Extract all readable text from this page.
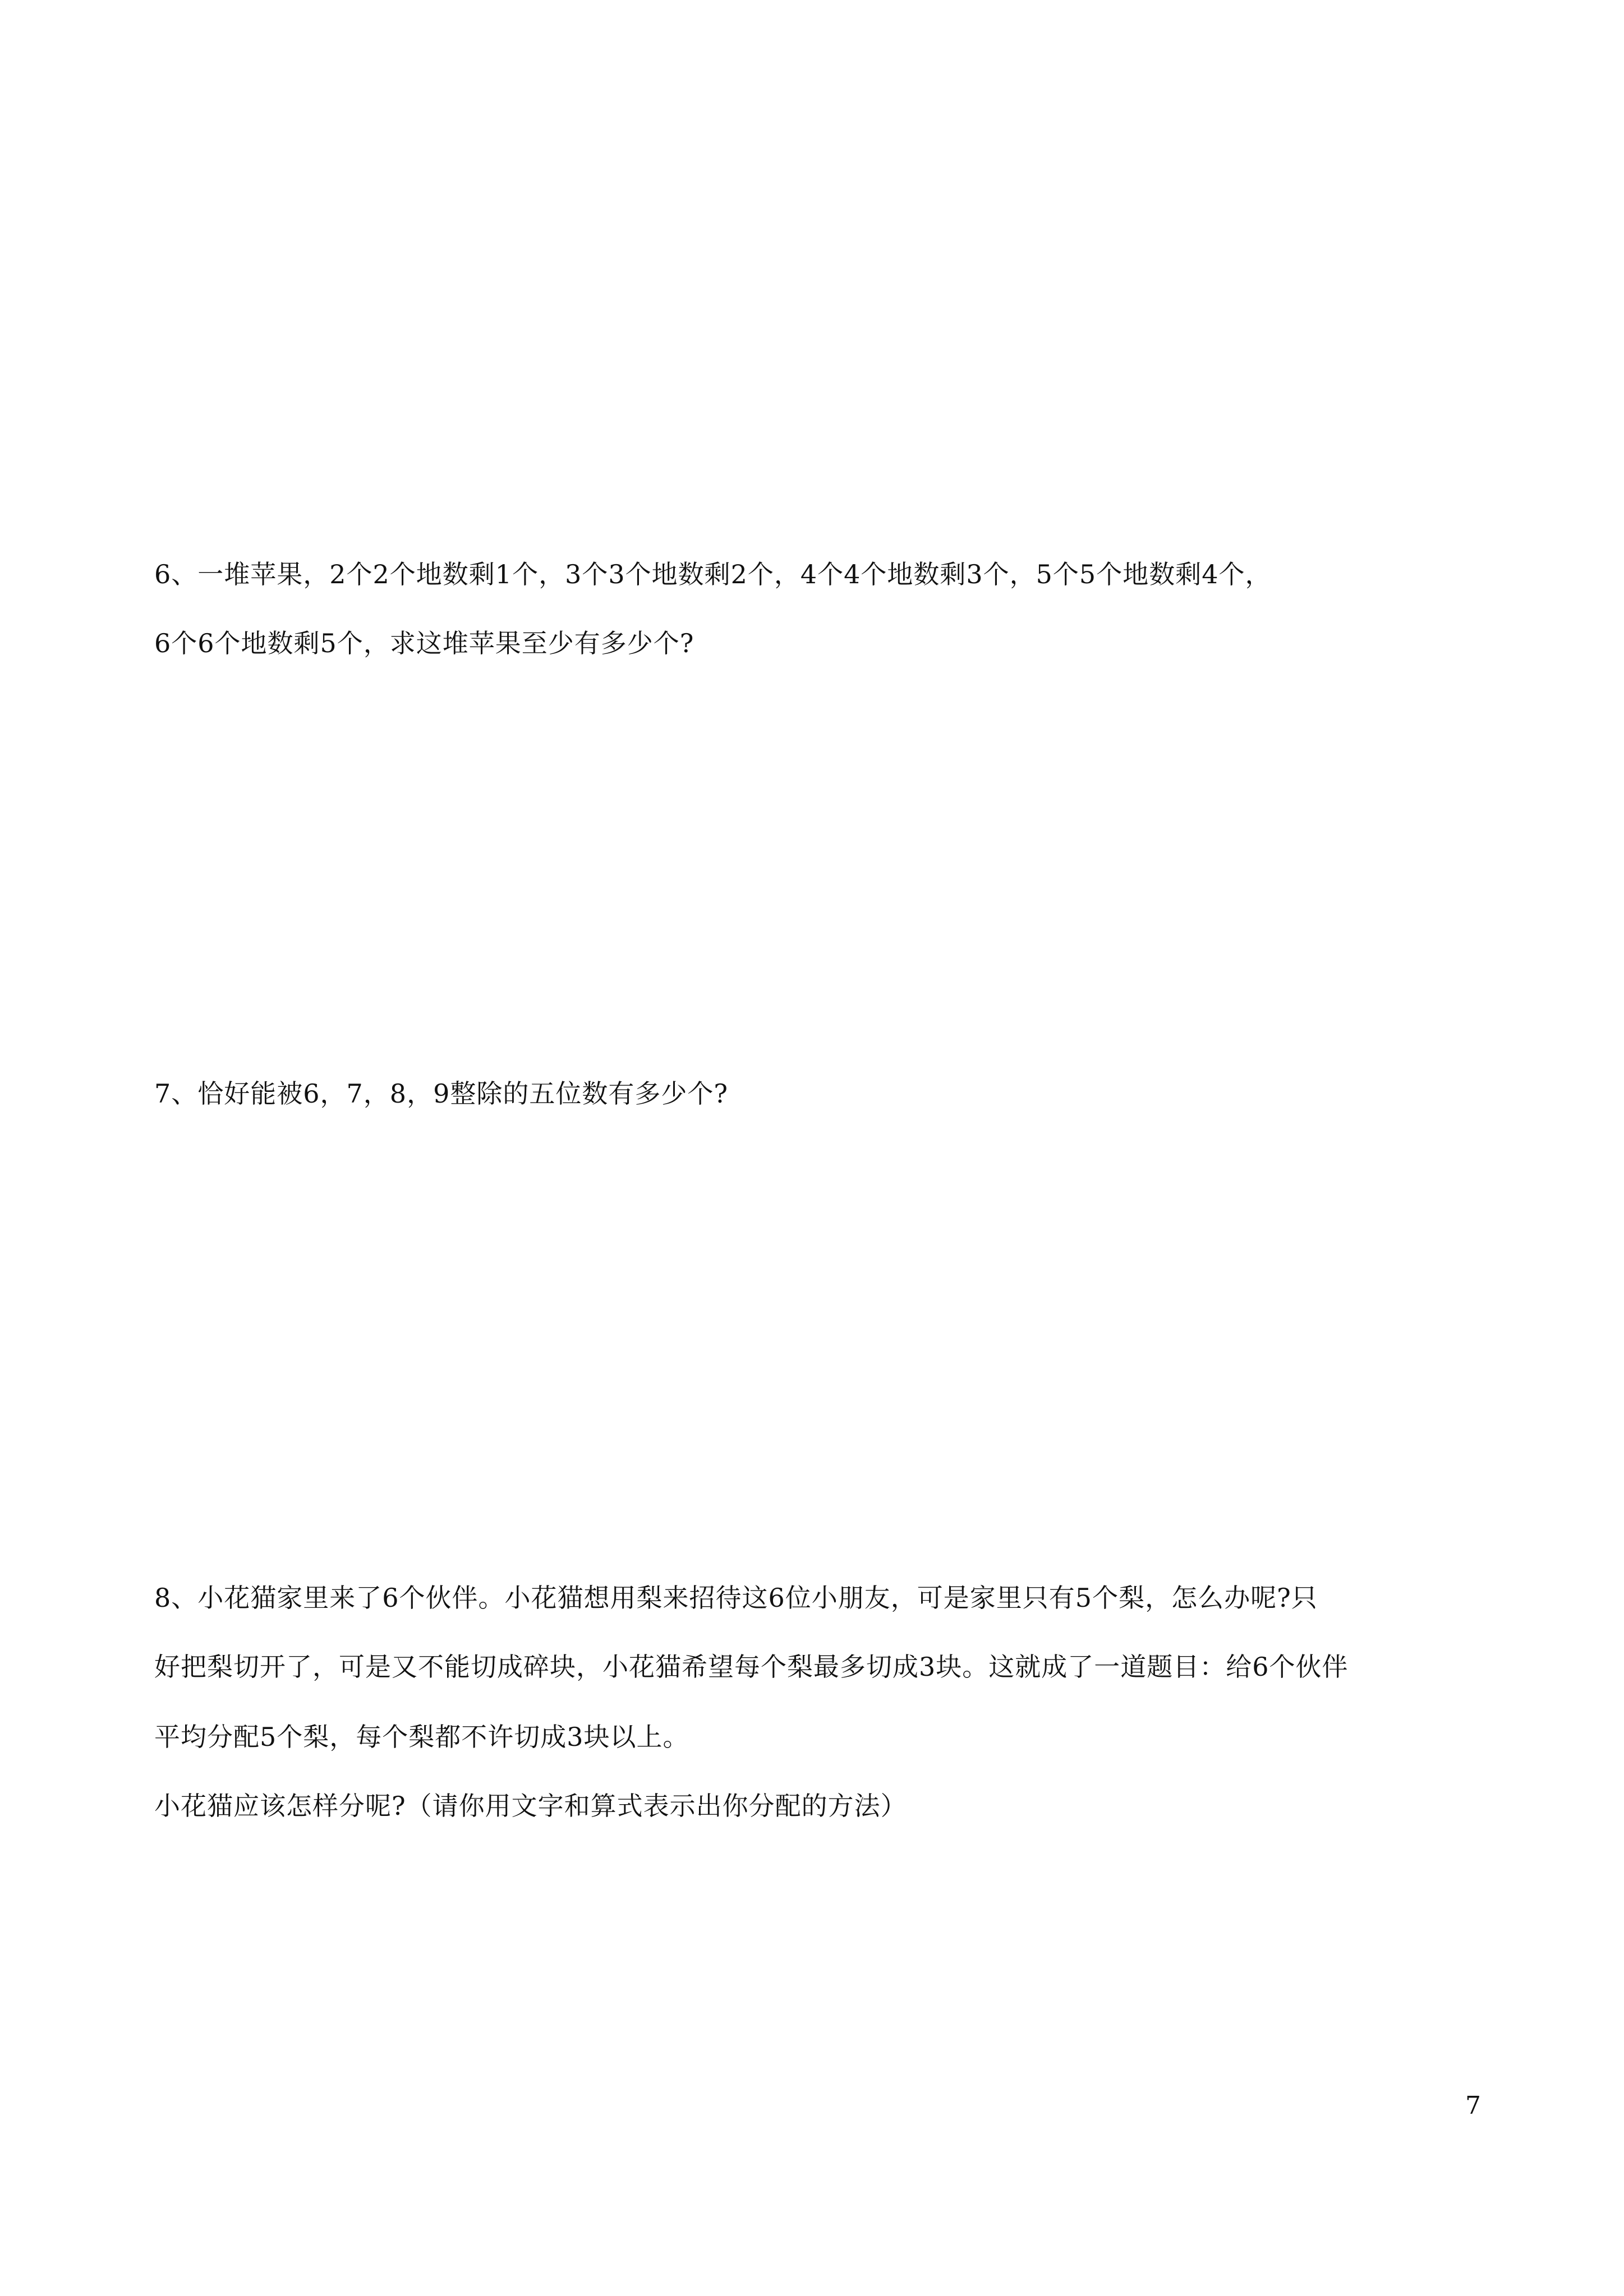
6、一堆苹果，2个2个地数剩1个，3个3个地数剩2个，4个4个地数剩3个，5个5个地数剩4个，
6个6个地数剩5个，求这堆苹果至少有多少个?
7、恰好能被6，7，8，9整除的五位数有多少个?
8、小花猫家里来了6个伙伴。小花猫想用梨来招待这6位小朋友，可是家里只有5个梨，怎么办呢?只
好把梨切开了，可是又不能切成碎块，小花猫希望每个梨最多切成3块。这就成了一道题目：给6个伙伴
平均分配5个梨，每个梨都不许切成3块以上。
小花猫应该怎样分呢?（请你用文字和算式表示出你分配的方法）
7
